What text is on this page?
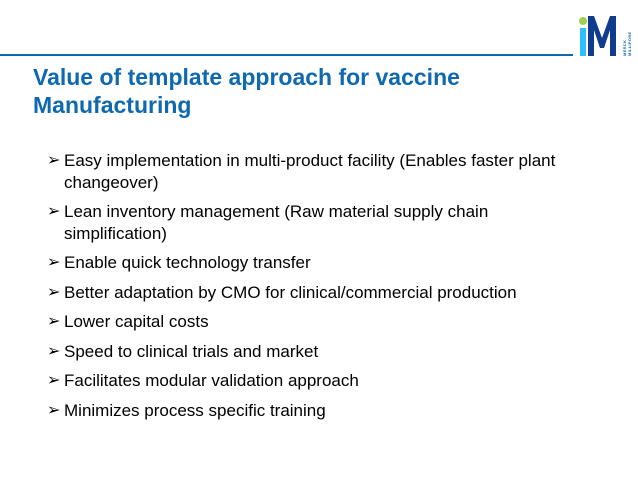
MERCK MILLIPORE
Value of template approach for vaccine Manufacturing
➢ Easy implementation in multi-product facility (Enables faster plant changeover)
➢ Lean inventory management (Raw material supply chain simplification)
➢ Enable quick technology transfer
➢ Better adaptation by CMO for clinical/commercial production
➢ Lower capital costs
➢ Speed to clinical trials and market
➢ Facilitates modular validation approach
➢ Minimizes process specific training
